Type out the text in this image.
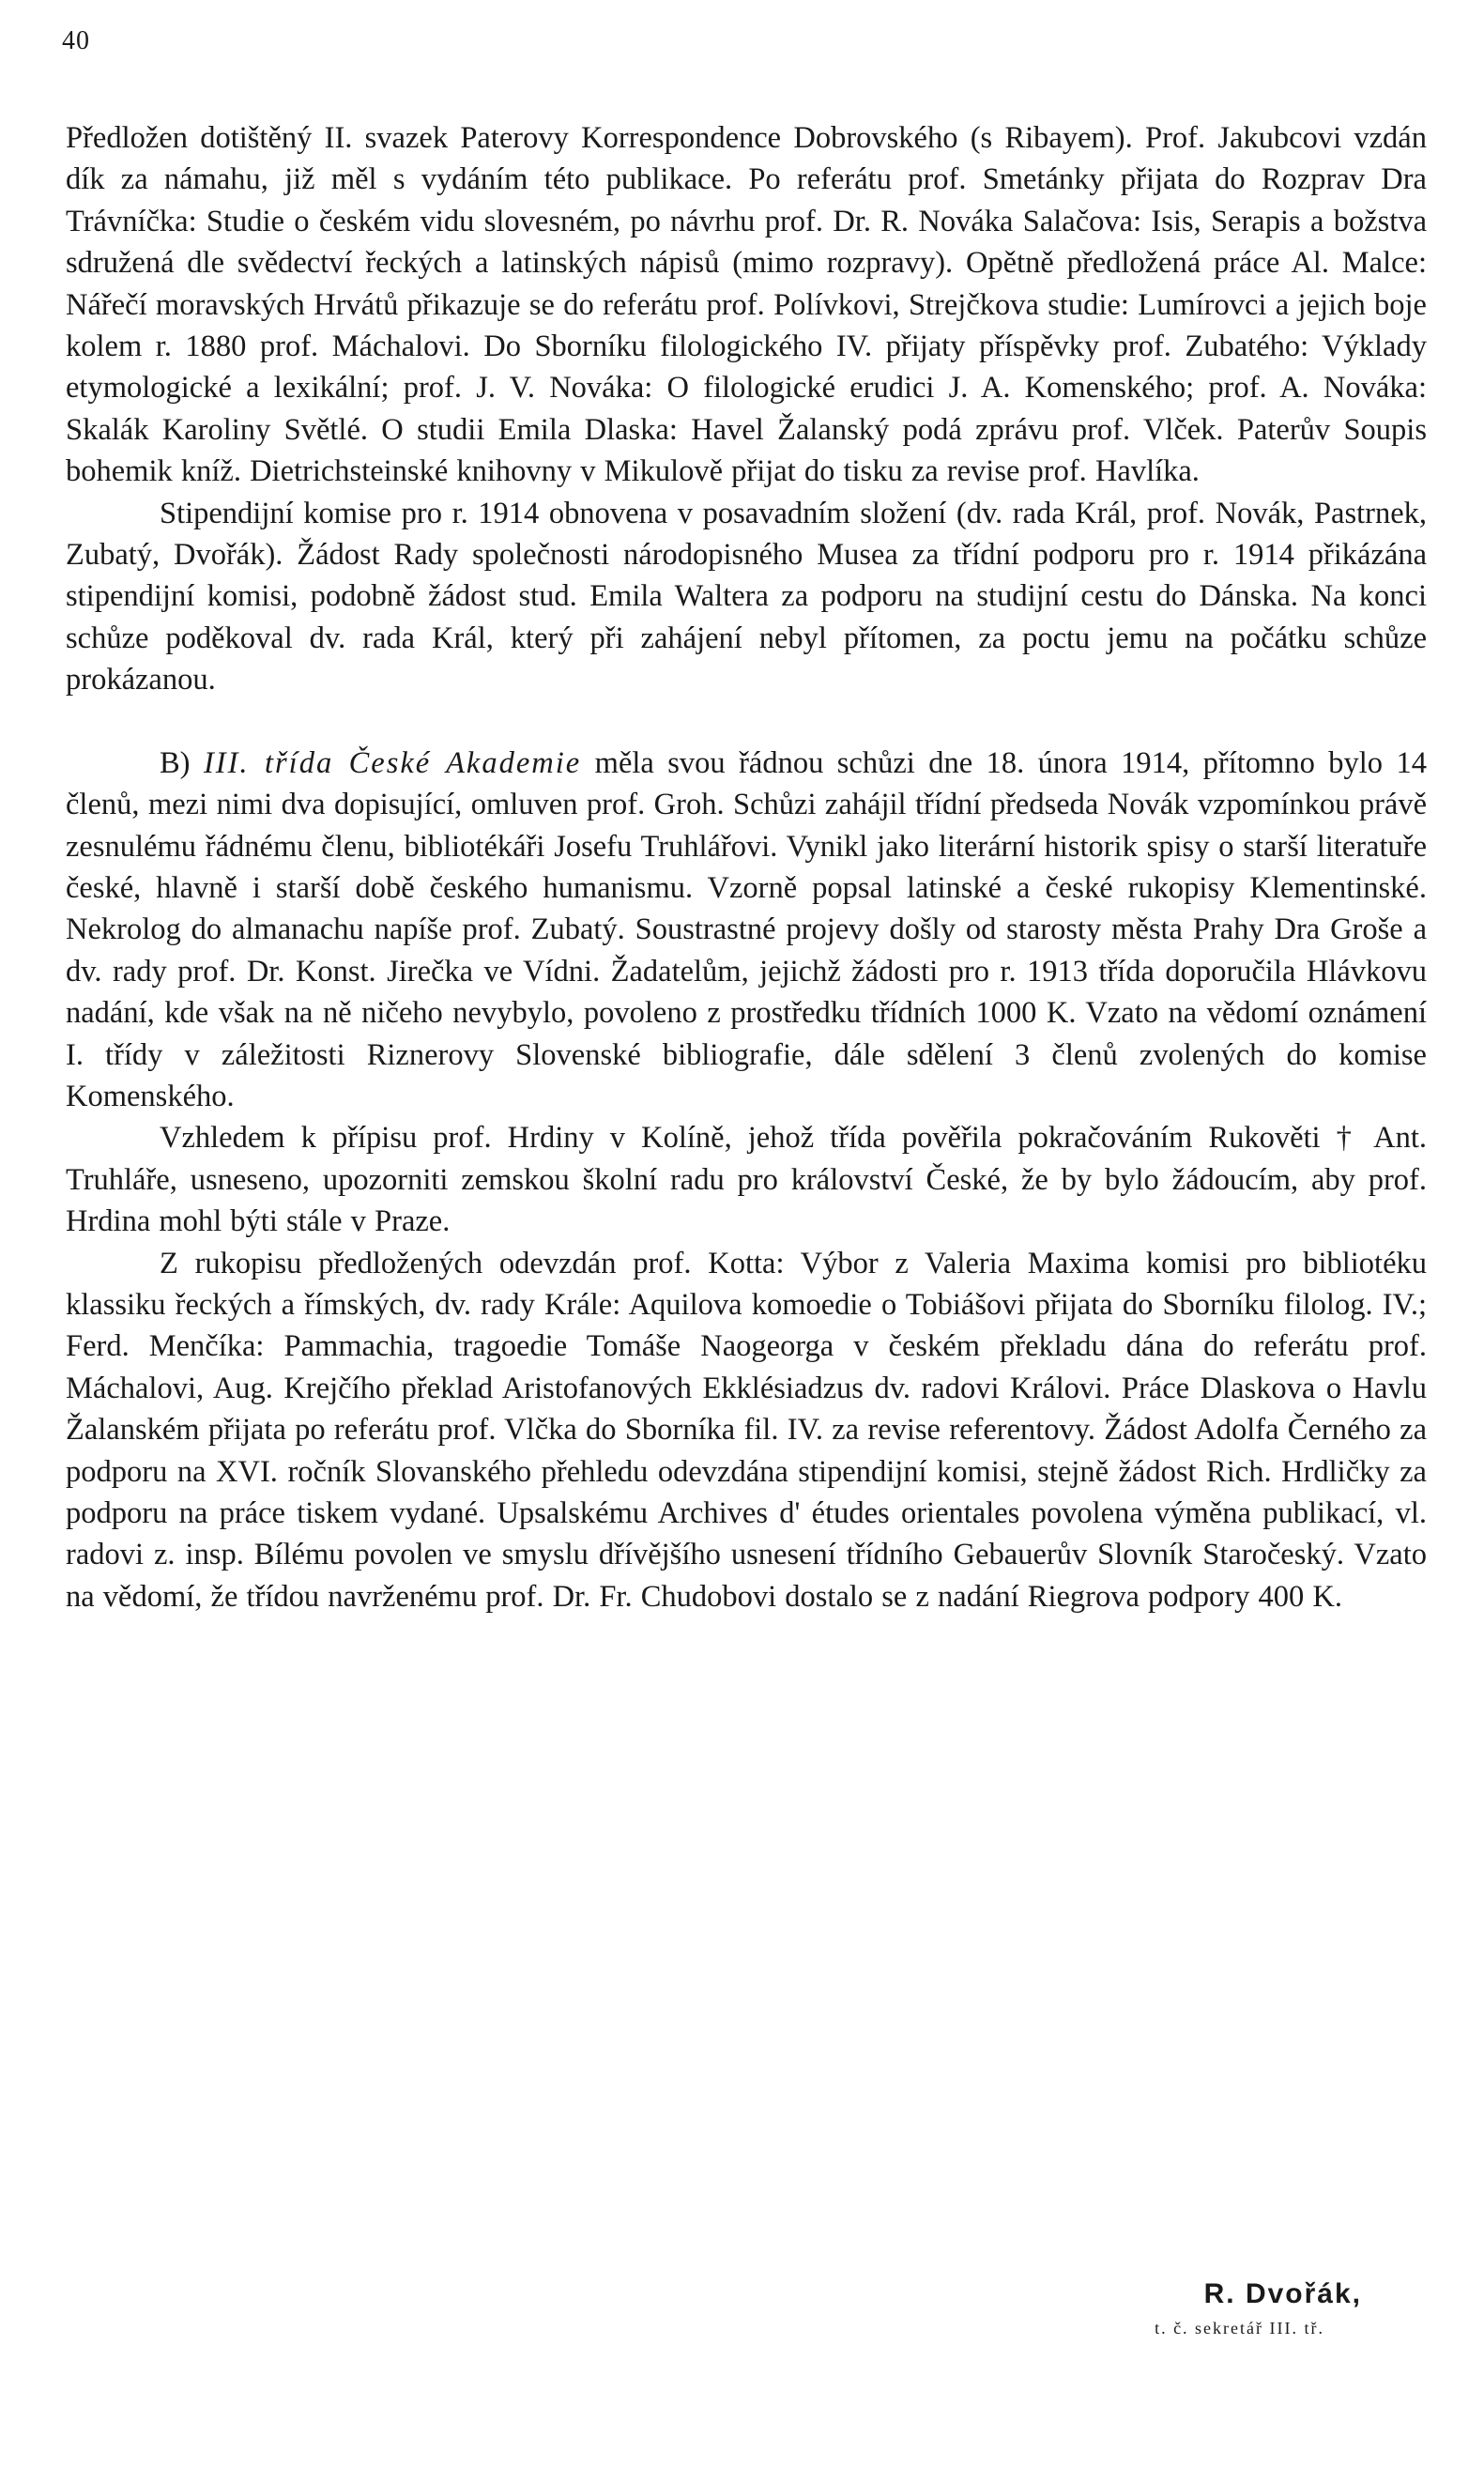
40

Předložen dotištěný II. svazek Paterovy Korrespondence Dobrovského (s Ribayem). Prof. Jakubcovi vzdán dík za námahu, již měl s vydáním této publikace. Po referátu prof. Smetánky přijata do Rozprav Dra Trávníčka: Studie o českém vidu slovesném, po návrhu prof. Dr. R. Nováka Salačova: Isis, Serapis a božstva sdružená dle svědectví řeckých a latinských nápisů (mimo rozpravy). Opětně předložená práce Al. Malce: Nářečí moravských Hrvátů přikazuje se do referátu prof. Polívkovi, Strejčkova studie: Lumírovci a jejich boje kolem r. 1880 prof. Máchalovi. Do Sborníku filologického IV. přijaty příspěvky prof. Zubatého: Výklady etymologické a lexikální; prof. J. V. Nováka: O filologické erudici J. A. Komenského; prof. A. Nováka: Skalák Karoliny Světlé. O studii Emila Dlaska: Havel Žalanský podá zprávu prof. Vlček. Paterův Soupis bohemik kníž. Dietrichsteinské knihovny v Mikulově přijat do tisku za revise prof. Havlíka.

Stipendijní komise pro r. 1914 obnovena v posavadním složení (dv. rada Král, prof. Novák, Pastrnek, Zubatý, Dvořák). Žádost Rady společnosti národopisného Musea za třídní podporu pro r. 1914 přikázána stipendijní komisi, podobně žádost stud. Emila Waltera za podporu na studijní cestu do Dánska. Na konci schůze poděkoval dv. rada Král, který při zahájení nebyl přítomen, za poctu jemu na počátku schůze prokázanou.

B) III. třída České Akademie měla svou řádnou schůzi dne 18. února 1914, přítomno bylo 14 členů, mezi nimi dva dopisující, omluven prof. Groh. Schůzi zahájil třídní předseda Novák vzpomínkou právě zesnulému řádnému členu, bibliotékáři Josefu Truhlářovi. Vynikl jako literární historik spisy o starší literatuře české, hlavně i starší době českého humanismu. Vzorně popsal latinské a české rukopisy Klementinské. Nekrolog do almanachu napíše prof. Zubatý. Soustrastné projevy došly od starosty města Prahy Dra Groše a dv. rady prof. Dr. Konst. Jirečka ve Vídni. Žadatelům, jejichž žádosti pro r. 1913 třída doporučila Hlávkovu nadání, kde však na ně ničeho nevybylo, povoleno z prostředku třídních 1000 K. Vzato na vědomí oznámení I. třídy v záležitosti Riznerovy Slovenské bibliografie, dále sdělení 3 členů zvolených do komise Komenského.

Vzhledem k přípisu prof. Hrdiny v Kolíně, jehož třída pověřila pokračováním Rukověti † Ant. Truhláře, usneseno, upozorniti zemskou školní radu pro království České, že by bylo žádoucím, aby prof. Hrdina mohl býti stále v Praze.

Z rukopisu předložených odevzdán prof. Kotta: Výbor z Valeria Maxima komisi pro bibliotéku klassiku řeckých a římských, dv. rady Krále: Aquilova komoedie o Tobiášovi přijata do Sborníku filolog. IV.; Ferd. Menčíka: Pammachia, tragoedie Tomáše Naogeorga v českém překladu dána do referátu prof. Máchalovi, Aug. Krejčího překlad Aristofanových Ekklésiadzus dv. radovi Královi. Práce Dlaskova o Havlu Žalanském přijata po referátu prof. Vlčka do Sborníka fil. IV. za revise referentovy. Žádost Adolfa Černého za podporu na XVI. ročník Slovanského přehledu odevzdána stipendijní komisi, stejně žádost Rich. Hrdličky za podporu na práce tiskem vydané. Upsalskému Archives d' études orientales povolena výměna publikací, vl. radovi z. insp. Bílému povolen ve smyslu dřívějšího usnesení třídního Gebauerův Slovník Staročeský. Vzato na vědomí, že třídou navrženému prof. Dr. Fr. Chudobovi dostalo se z nadání Riegrova podpory 400 K.

R. Dvořák,
t. č. sekretář III. tř.
